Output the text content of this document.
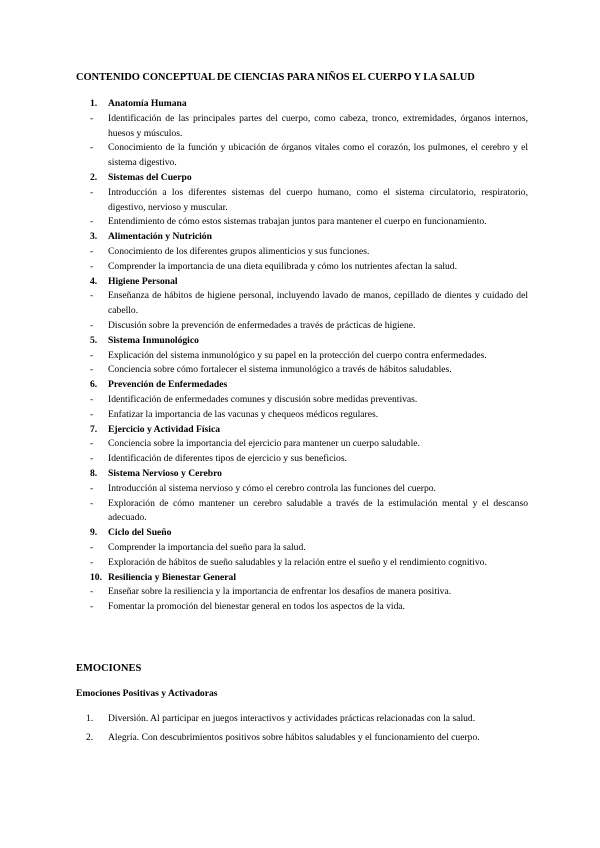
CONTENIDO CONCEPTUAL DE CIENCIAS PARA NIÑOS EL CUERPO Y LA SALUD
1.	Anatomía Humana
-	Identificación de las principales partes del cuerpo, como cabeza, tronco, extremidades, órganos internos, huesos y músculos.
-	Conocimiento de la función y ubicación de órganos vitales como el corazón, los pulmones, el cerebro y el sistema digestivo.
2.	Sistemas del Cuerpo
-	Introducción a los diferentes sistemas del cuerpo humano, como el sistema circulatorio, respiratorio, digestivo, nervioso y muscular.
-	Entendimiento de cómo estos sistemas trabajan juntos para mantener el cuerpo en funcionamiento.
3.	Alimentación y Nutrición
-	Conocimiento de los diferentes grupos alimenticios y sus funciones.
-	Comprender la importancia de una dieta equilibrada y cómo los nutrientes afectan la salud.
4.	Higiene Personal
-	Enseñanza de hábitos de higiene personal, incluyendo lavado de manos, cepillado de dientes y cuidado del cabello.
-	Discusión sobre la prevención de enfermedades a través de prácticas de higiene.
5.	Sistema Inmunológico
-	Explicación del sistema inmunológico y su papel en la protección del cuerpo contra enfermedades.
-	Conciencia sobre cómo fortalecer el sistema inmunológico a través de hábitos saludables.
6.	Prevención de Enfermedades
-	Identificación de enfermedades comunes y discusión sobre medidas preventivas.
-	Enfatizar la importancia de las vacunas y chequeos médicos regulares.
7.	Ejercicio y Actividad Física
-	Conciencia sobre la importancia del ejercicio para mantener un cuerpo saludable.
-	Identificación de diferentes tipos de ejercicio y sus beneficios.
8.	Sistema Nervioso y Cerebro
-	Introducción al sistema nervioso y cómo el cerebro controla las funciones del cuerpo.
-	Exploración de cómo mantener un cerebro saludable a través de la estimulación mental y el descanso adecuado.
9.	Ciclo del Sueño
-	Comprender la importancia del sueño para la salud.
-	Exploración de hábitos de sueño saludables y la relación entre el sueño y el rendimiento cognitivo.
10. Resiliencia y Bienestar General
-	Enseñar sobre la resiliencia y la importancia de enfrentar los desafíos de manera positiva.
-	Fomentar la promoción del bienestar general en todos los aspectos de la vida.
EMOCIONES
Emociones Positivas y Activadoras
1.	Diversión. Al participar en juegos interactivos y actividades prácticas relacionadas con la salud.
2.	Alegría. Con descubrimientos positivos sobre hábitos saludables y el funcionamiento del cuerpo.
